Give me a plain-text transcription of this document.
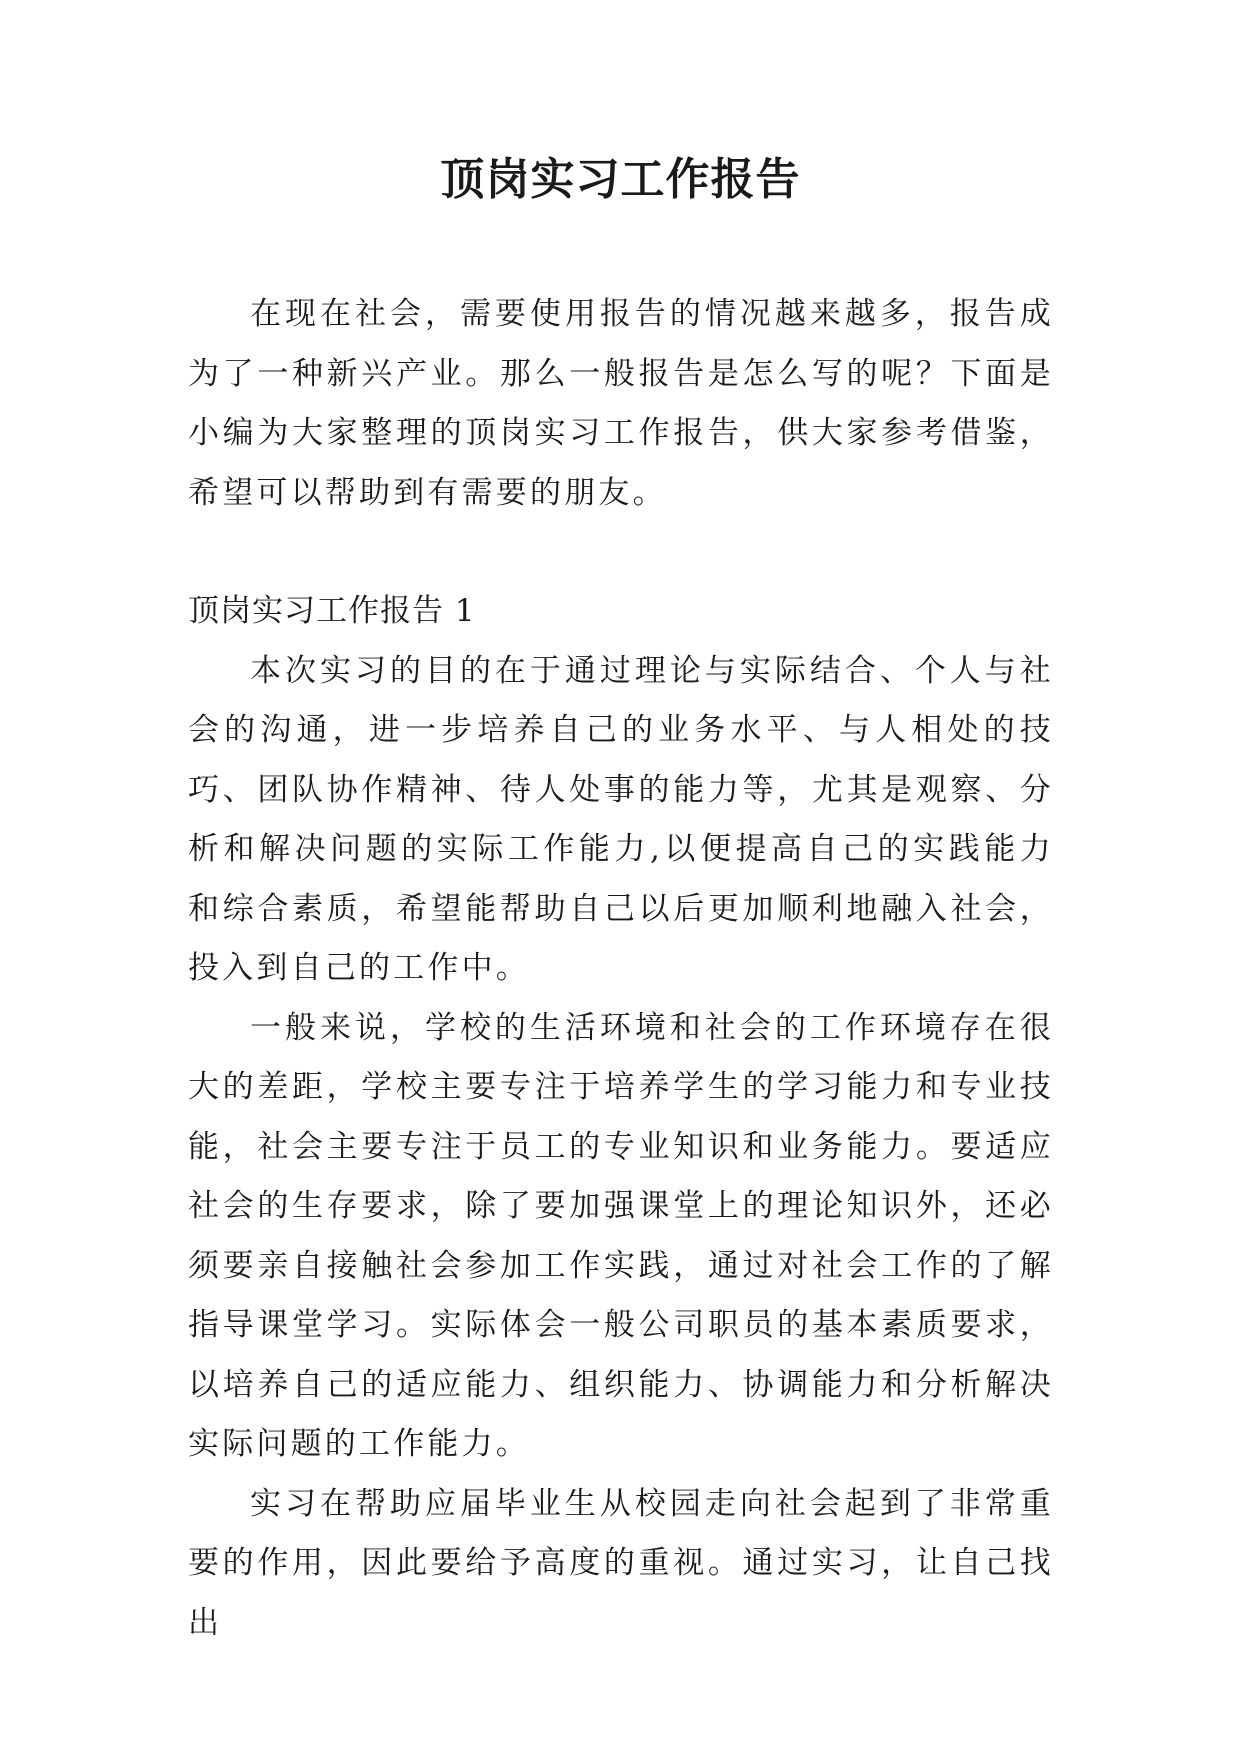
顶岗实习工作报告

在现在社会，需要使用报告的情况越来越多，报告成为了一种新兴产业。那么一般报告是怎么写的呢？下面是小编为大家整理的顶岗实习工作报告，供大家参考借鉴，希望可以帮助到有需要的朋友。

顶岗实习工作报告 1

本次实习的目的在于通过理论与实际结合、个人与社会的沟通，进一步培养自己的业务水平、与人相处的技巧、团队协作精神、待人处事的能力等，尤其是观察、分析和解决问题的实际工作能力,以便提高自己的实践能力和综合素质，希望能帮助自己以后更加顺利地融入社会，投入到自己的工作中。

一般来说，学校的生活环境和社会的工作环境存在很大的差距，学校主要专注于培养学生的学习能力和专业技能，社会主要专注于员工的专业知识和业务能力。要适应社会的生存要求，除了要加强课堂上的理论知识外，还必须要亲自接触社会参加工作实践，通过对社会工作的了解指导课堂学习。实际体会一般公司职员的基本素质要求，以培养自己的适应能力、组织能力、协调能力和分析解决实际问题的工作能力。

实习在帮助应届毕业生从校园走向社会起到了非常重要的作用，因此要给予高度的重视。通过实习，让自己找出
